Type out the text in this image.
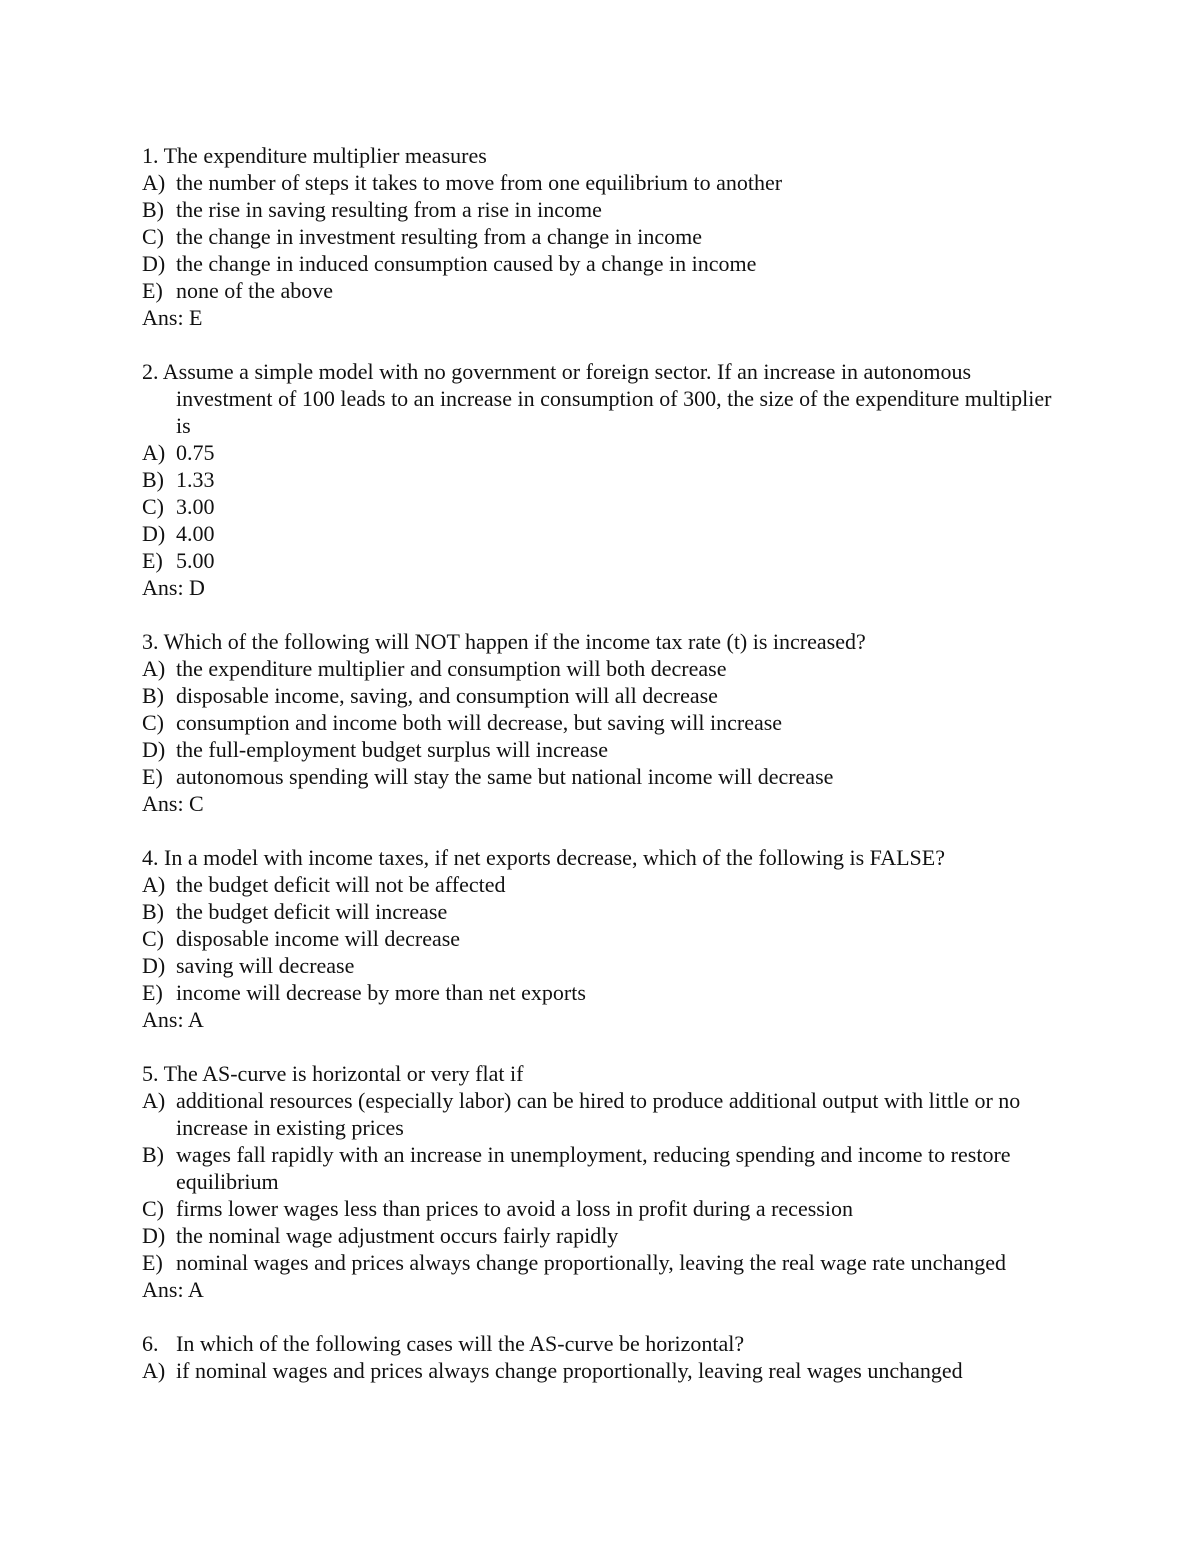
1. The expenditure multiplier measures
A) the number of steps it takes to move from one equilibrium to another
B) the rise in saving resulting from a rise in income
C) the change in investment resulting from a change in income
D) the change in induced consumption caused by a change in income
E) none of the above
Ans: E
2. Assume a simple model with no government or foreign sector. If an increase in autonomous investment of 100 leads to an increase in consumption of 300, the size of the expenditure multiplier is
A) 0.75
B) 1.33
C) 3.00
D) 4.00
E) 5.00
Ans: D
3. Which of the following will NOT happen if the income tax rate (t) is increased?
A) the expenditure multiplier and consumption will both decrease
B) disposable income, saving, and consumption will all decrease
C) consumption and income both will decrease, but saving will increase
D) the full-employment budget surplus will increase
E) autonomous spending will stay the same but national income will decrease
Ans: C
4. In a model with income taxes, if net exports decrease, which of the following is FALSE?
A) the budget deficit will not be affected
B) the budget deficit will increase
C) disposable income will decrease
D) saving will decrease
E) income will decrease by more than net exports
Ans: A
5. The AS-curve is horizontal or very flat if
A) additional resources (especially labor) can be hired to produce additional output with little or no increase in existing prices
B) wages fall rapidly with an increase in unemployment, reducing spending and income to restore equilibrium
C) firms lower wages less than prices to avoid a loss in profit during a recession
D) the nominal wage adjustment occurs fairly rapidly
E) nominal wages and prices always change proportionally, leaving the real wage rate unchanged
Ans: A
6. In which of the following cases will the AS-curve be horizontal?
A) if nominal wages and prices always change proportionally, leaving real wages unchanged
